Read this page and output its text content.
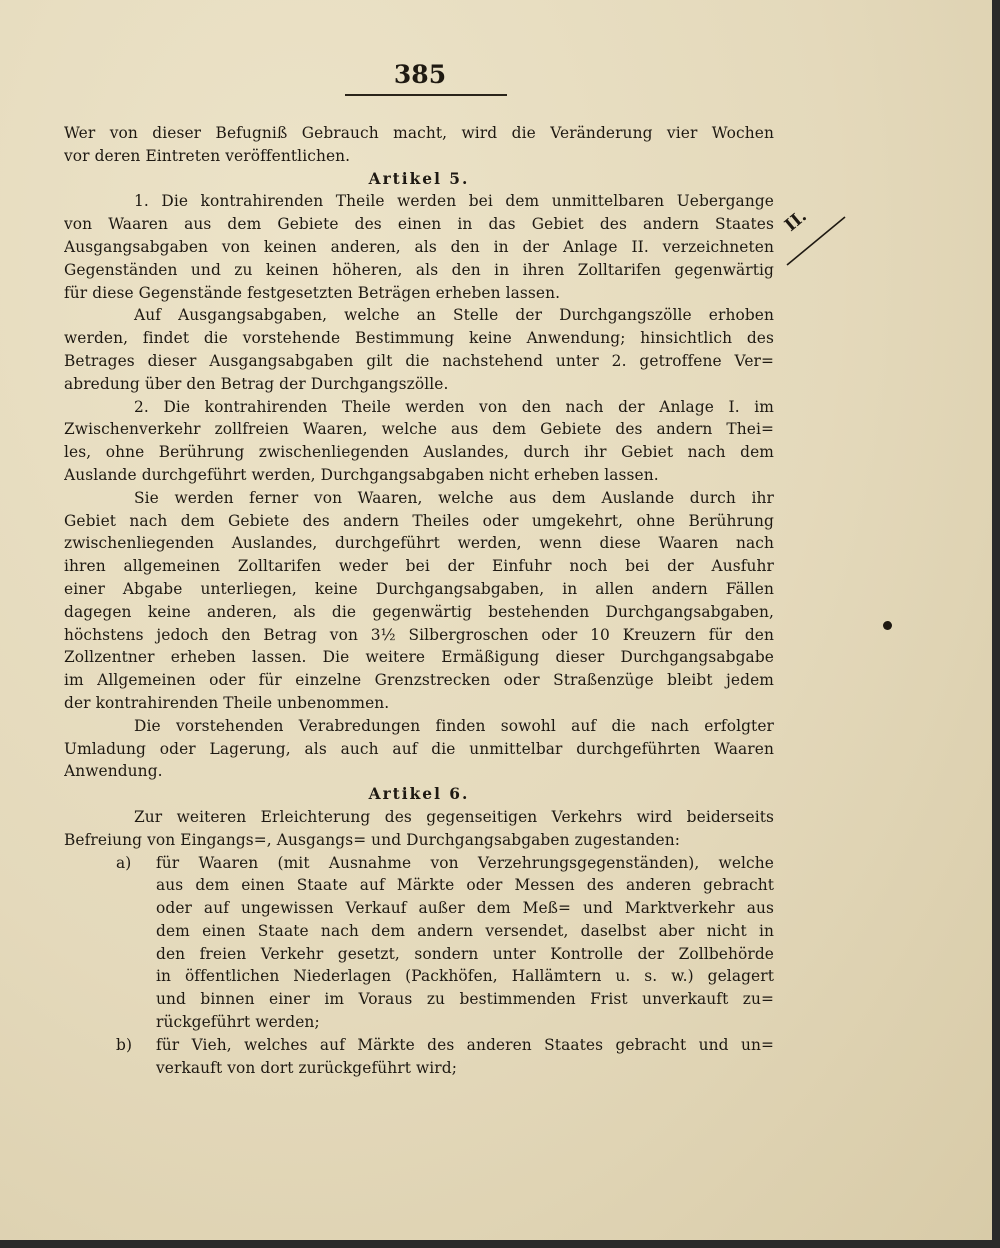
385
II.
Wer von dieser Befugniß Gebrauch macht, wird die Veränderung vier Wochen
vor deren Eintreten veröffentlichen.
Artikel 5.
1. Die kontrahirenden Theile werden bei dem unmittelbaren Uebergange
von Waaren aus dem Gebiete des einen in das Gebiet des andern Staates
Ausgangsabgaben von keinen anderen, als den in der Anlage II. verzeichneten
Gegenständen und zu keinen höheren, als den in ihren Zolltarifen gegenwärtig
für diese Gegenstände festgesetzten Beträgen erheben lassen.
Auf Ausgangsabgaben, welche an Stelle der Durchgangszölle erhoben
werden, findet die vorstehende Bestimmung keine Anwendung; hinsichtlich des
Betrages dieser Ausgangsabgaben gilt die nachstehend unter 2. getroffene Ver=
abredung über den Betrag der Durchgangszölle.
2. Die kontrahirenden Theile werden von den nach der Anlage I. im
Zwischenverkehr zollfreien Waaren, welche aus dem Gebiete des andern Thei=
les, ohne Berührung zwischenliegenden Auslandes, durch ihr Gebiet nach dem
Auslande durchgeführt werden, Durchgangsabgaben nicht erheben lassen.
Sie werden ferner von Waaren, welche aus dem Auslande durch ihr
Gebiet nach dem Gebiete des andern Theiles oder umgekehrt, ohne Berührung
zwischenliegenden Auslandes, durchgeführt werden, wenn diese Waaren nach
ihren allgemeinen Zolltarifen weder bei der Einfuhr noch bei der Ausfuhr
einer Abgabe unterliegen, keine Durchgangsabgaben, in allen andern Fällen
dagegen keine anderen, als die gegenwärtig bestehenden Durchgangsabgaben,
höchstens jedoch den Betrag von 3½ Silbergroschen oder 10 Kreuzern für den
Zollzentner erheben lassen. Die weitere Ermäßigung dieser Durchgangsabgabe
im Allgemeinen oder für einzelne Grenzstrecken oder Straßenzüge bleibt jedem
der kontrahirenden Theile unbenommen.
Die vorstehenden Verabredungen finden sowohl auf die nach erfolgter
Umladung oder Lagerung, als auch auf die unmittelbar durchgeführten Waaren
Anwendung.
Artikel 6.
Zur weiteren Erleichterung des gegenseitigen Verkehrs wird beiderseits
Befreiung von Eingangs=, Ausgangs= und Durchgangsabgaben zugestanden:
a)	für Waaren (mit Ausnahme von Verzehrungsgegenständen), welche
aus dem einen Staate auf Märkte oder Messen des anderen gebracht
oder auf ungewissen Verkauf außer dem Meß= und Marktverkehr aus
dem einen Staate nach dem andern versendet, daselbst aber nicht in
den freien Verkehr gesetzt, sondern unter Kontrolle der Zollbehörde
in öffentlichen Niederlagen (Packhöfen, Hallämtern u. s. w.) gelagert
und binnen einer im Voraus zu bestimmenden Frist unverkauft zu=
rückgeführt werden;
b)	für Vieh, welches auf Märkte des anderen Staates gebracht und un=
verkauft von dort zurückgeführt wird;
